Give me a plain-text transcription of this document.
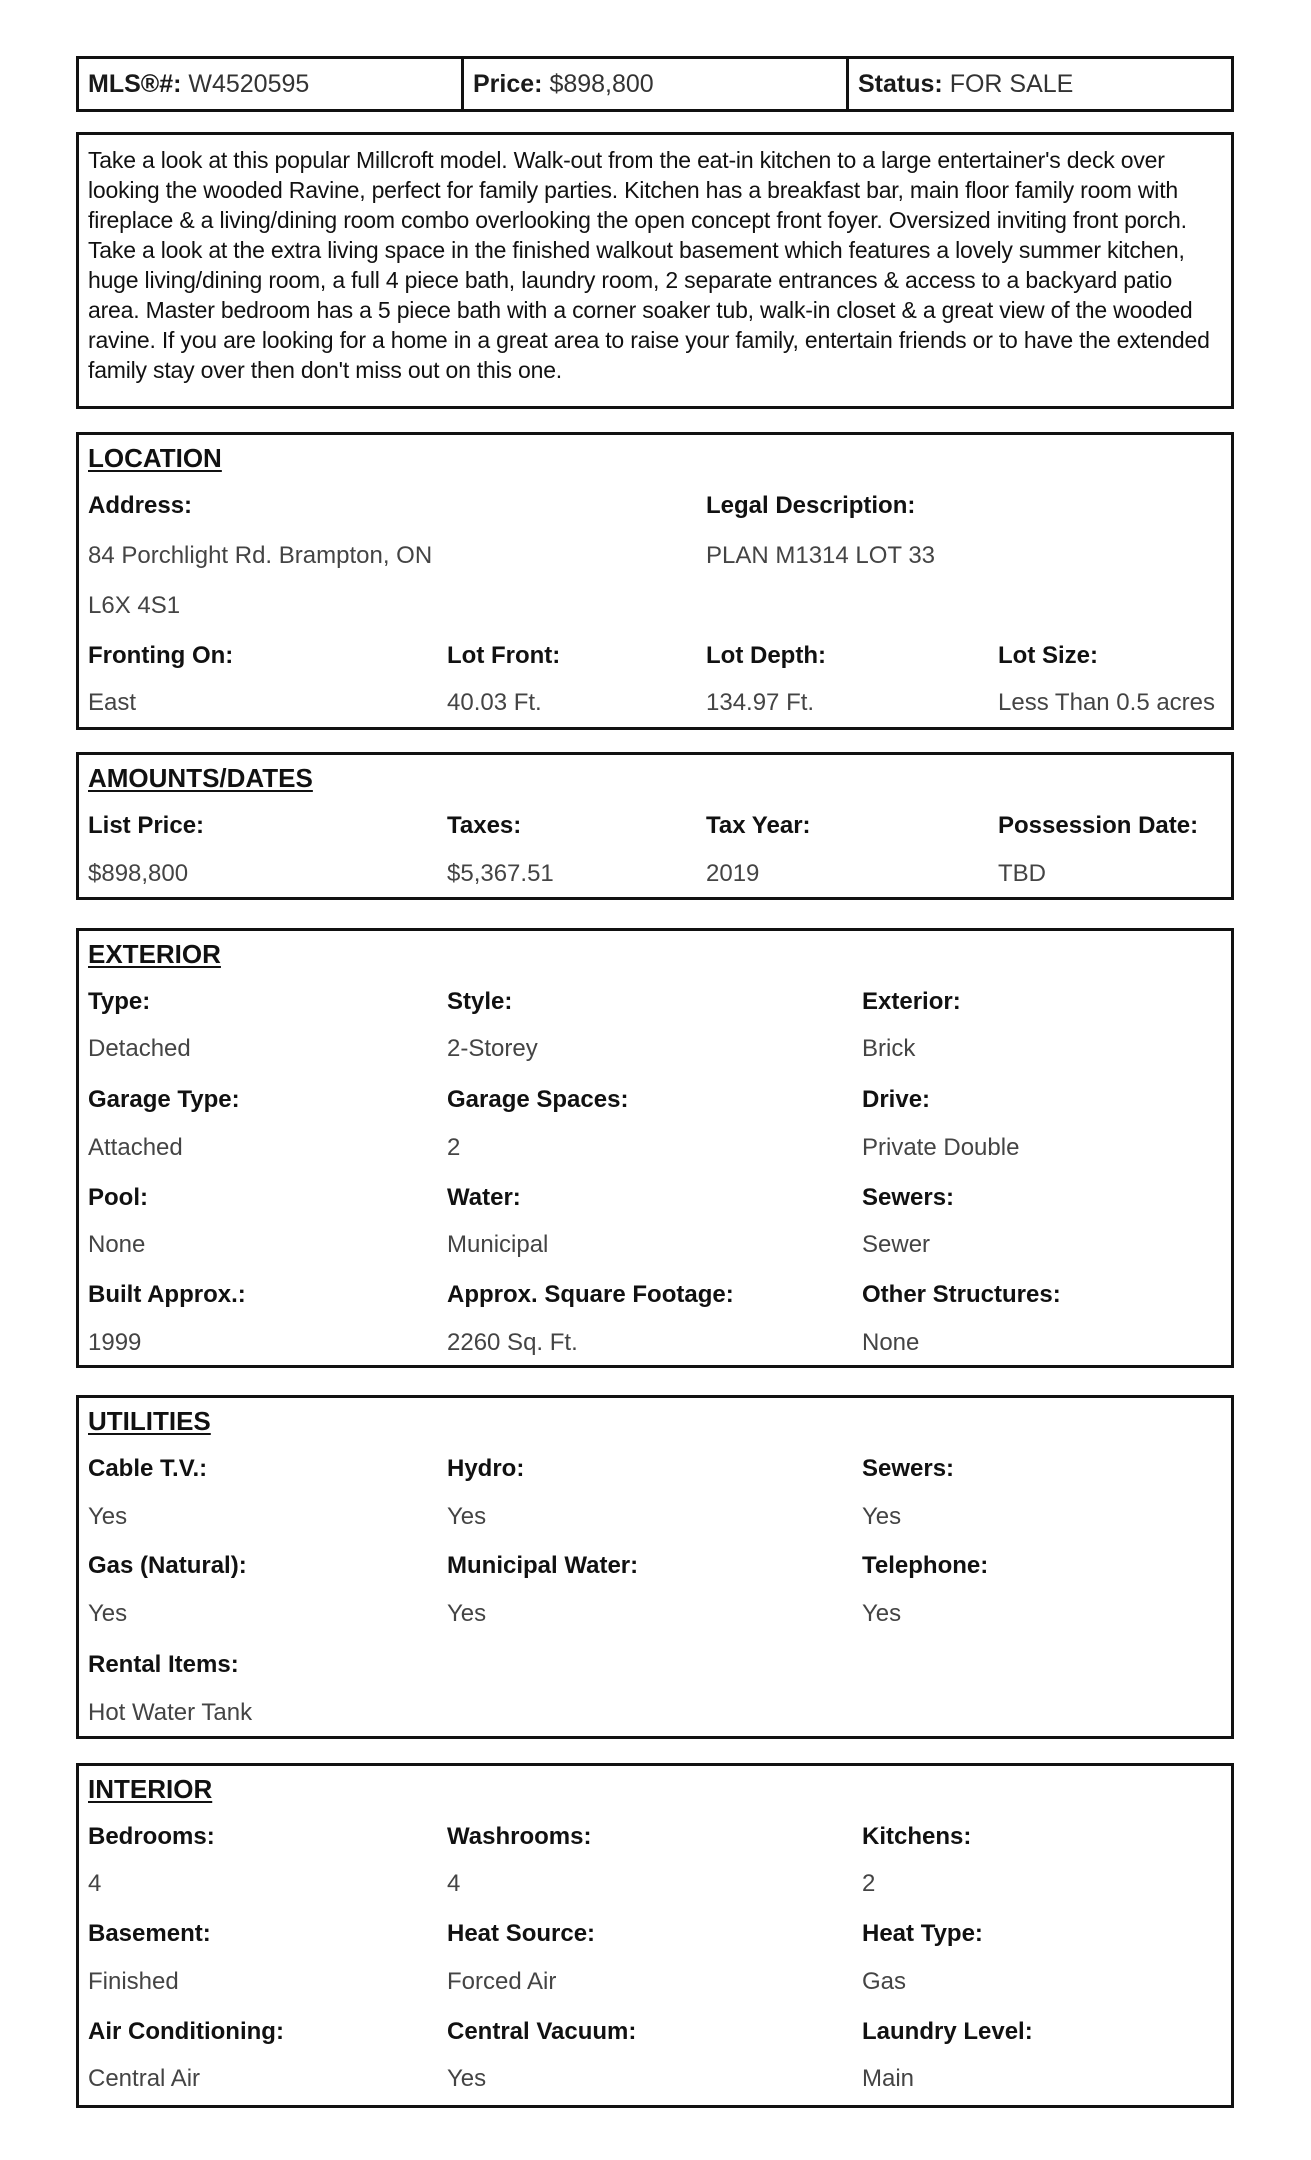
MLS®#:
W4520595	Price:
$898,800	Status:
FOR SALE

Take a look at this popular Millcroft model. Walk-out from the eat-in kitchen to a large entertainer's deck over looking the wooded Ravine, perfect for family parties. Kitchen has a breakfast bar, main floor family room with fireplace & a living/dining room combo overlooking the open concept front foyer. Oversized inviting front porch. Take a look at the extra living space in the finished walkout basement which features a lovely summer kitchen, huge living/dining room, a full 4 piece bath, laundry room, 2 separate entrances & access to a backyard patio area. Master bedroom has a 5 piece bath with a corner soaker tub, walk-in closet & a great view of the wooded ravine. If you are looking for a home in a great area to raise your family, entertain friends or to have the extended family stay over then don't miss out on this one.

LOCATION
Address:
84 Porchlight Rd. Brampton, ON
L6X 4S1
Legal Description:
PLAN M1314 LOT 33
Fronting On:
East
Lot Front:
40.03 Ft.
Lot Depth:
134.97 Ft.
Lot Size:
Less Than 0.5 acres
AMOUNTS/DATES
List Price:
$898,800
Taxes:
$5,367.51
Tax Year:
2019
Possession Date:
TBD
EXTERIOR
Type:
Detached
Style:
2-Storey
Exterior:
Brick
Garage Type:
Attached
Garage Spaces:
2
Drive:
Private Double
Pool:
None
Water:
Municipal
Sewers:
Sewer
Built Approx.:
1999
Approx. Square Footage:
2260 Sq. Ft.
Other Structures:
None
UTILITIES
Cable T.V.:
Yes
Hydro:
Yes
Sewers:
Yes
Gas (Natural):
Yes
Municipal Water:
Yes
Telephone:
Yes
Rental Items:
Hot Water Tank
INTERIOR
Bedrooms:
4
Washrooms:
4
Kitchens:
2
Basement:
Finished
Heat Source:
Forced Air
Heat Type:
Gas
Air Conditioning:
Central Air
Central Vacuum:
Yes
Laundry Level:
Main
